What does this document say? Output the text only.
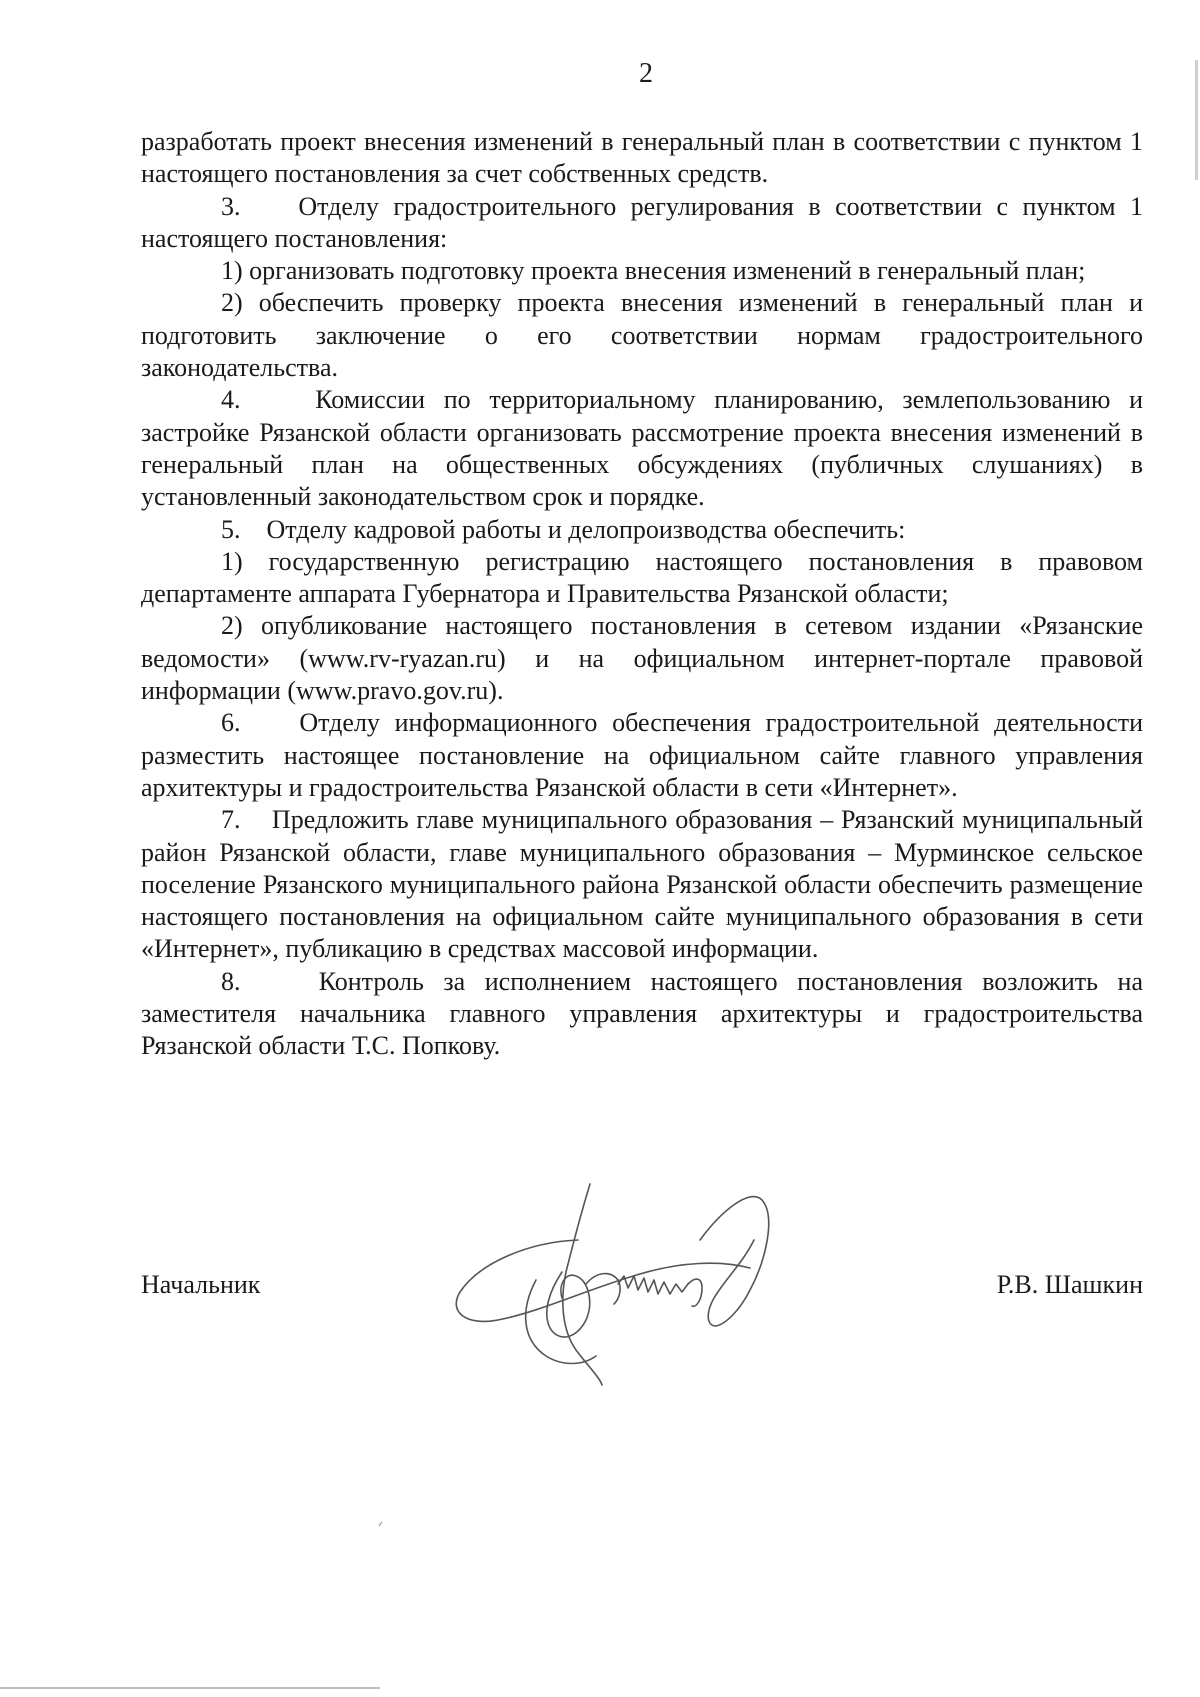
2

разработать проект внесения изменений в генеральный план в соответствии с пунктом 1 настоящего постановления за счет собственных средств.

3.    Отделу градостроительного регулирования в соответствии с пунктом 1 настоящего постановления:

1) организовать подготовку проекта внесения изменений в генеральный план;

2) обеспечить проверку проекта внесения изменений в генеральный план и подготовить заключение о его соответствии нормам градостроительного законодательства.

4.    Комиссии по территориальному планированию, землепользованию и застройке Рязанской области организовать рассмотрение проекта внесения изменений в генеральный план на общественных обсуждениях (публичных слушаниях) в установленный законодательством срок и порядке.

5.    Отделу кадровой работы и делопроизводства обеспечить:

1) государственную регистрацию настоящего постановления в правовом департаменте аппарата Губернатора и Правительства Рязанской области;

2) опубликование настоящего постановления в сетевом издании «Рязанские ведомости» (www.rv-ryazan.ru) и на официальном интернет-портале правовой информации (www.pravo.gov.ru).

6.    Отделу информационного обеспечения градостроительной деятельности разместить настоящее постановление на официальном сайте главного управления архитектуры и градостроительства Рязанской области в сети «Интернет».

7.    Предложить главе муниципального образования – Рязанский муниципальный район Рязанской области, главе муниципального образования – Мурминское сельское поселение Рязанского муниципального района Рязанской области обеспечить размещение настоящего постановления на официальном сайте муниципального образования в сети «Интернет», публикацию в средствах массовой информации.

8.    Контроль за исполнением настоящего постановления возложить на заместителя начальника главного управления архитектуры и градостроительства Рязанской области Т.С. Попкову.

Начальник	Р.В. Шашкин
